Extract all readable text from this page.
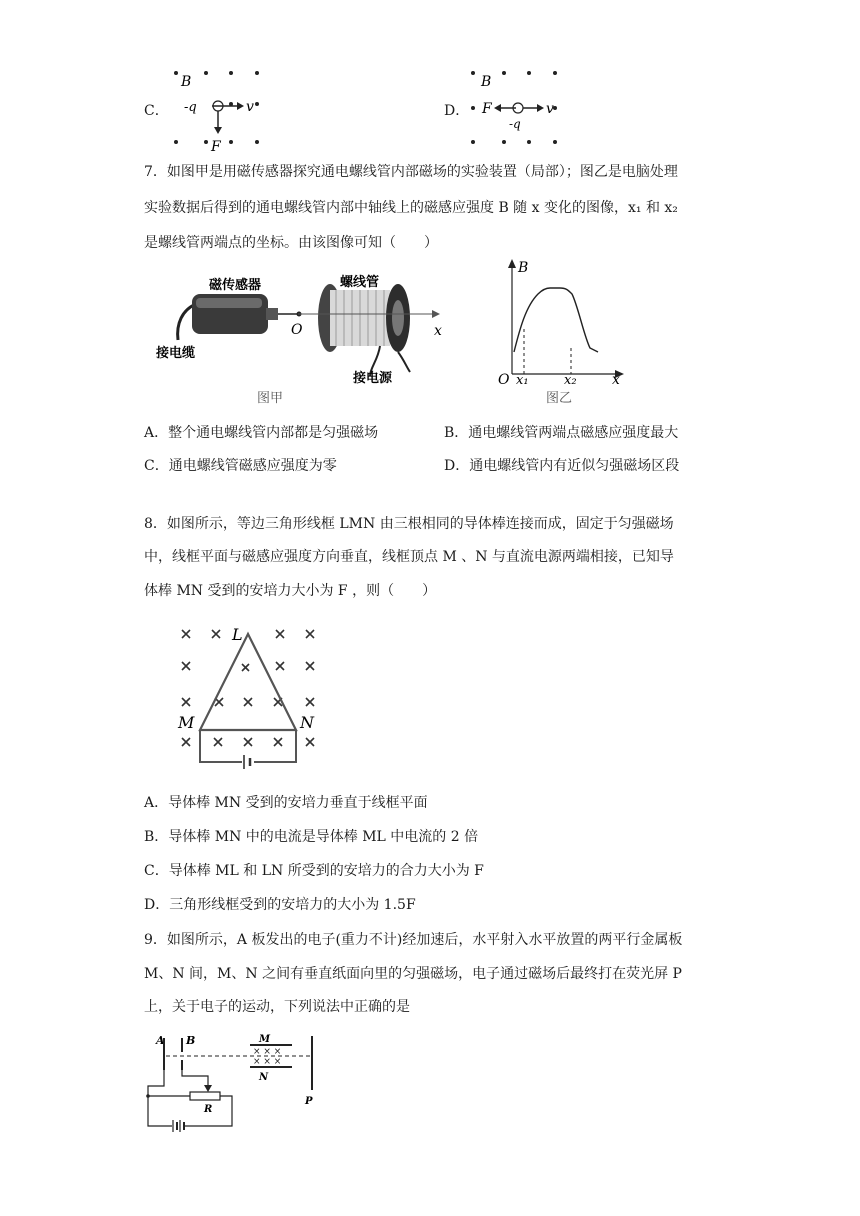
C．
B
-q	v
F
D．
B
F	v
-q
7．如图甲是用磁传感器探究通电螺线管内部磁场的实验装置（局部）；图乙是电脑处理
实验数据后得到的通电螺线管内部中轴线上的磁感应强度 B 随 x 变化的图像，x₁ 和 x₂
是螺线管两端点的坐标。由该图像可知（　　）
磁传感器	螺线管
O
接电缆
x
接电源
图甲
B
O x₁	x₂	x
图乙
A．整个通电螺线管内部都是匀强磁场	B．通电螺线管两端点磁感应强度最大
C．通电螺线管磁感应强度为零	D．通电螺线管内有近似匀强磁场区段
8．如图所示，等边三角形线框 LMN 由三根相同的导体棒连接而成，固定于匀强磁场
中，线框平面与磁感应强度方向垂直，线框顶点 M 、N 与直流电源两端相接，已知导
体棒 MN 受到的安培力大小为 F ，则（　　）
L
M	N
A．导体棒 MN 受到的安培力垂直于线框平面
B．导体棒 MN 中的电流是导体棒 ML 中电流的 2 倍
C．导体棒 ML 和 LN 所受到的安培力的合力大小为 F
D．三角形线框受到的安培力的大小为 1.5F
9．如图所示，A 板发出的电子(重力不计)经加速后，水平射入水平放置的两平行金属板
M、N 间，M、N 之间有垂直纸面向里的匀强磁场，电子通过磁场后最终打在荧光屏 P
上，关于电子的运动，下列说法中正确的是
A B	M
N
× × ×
× × ×
P
R
